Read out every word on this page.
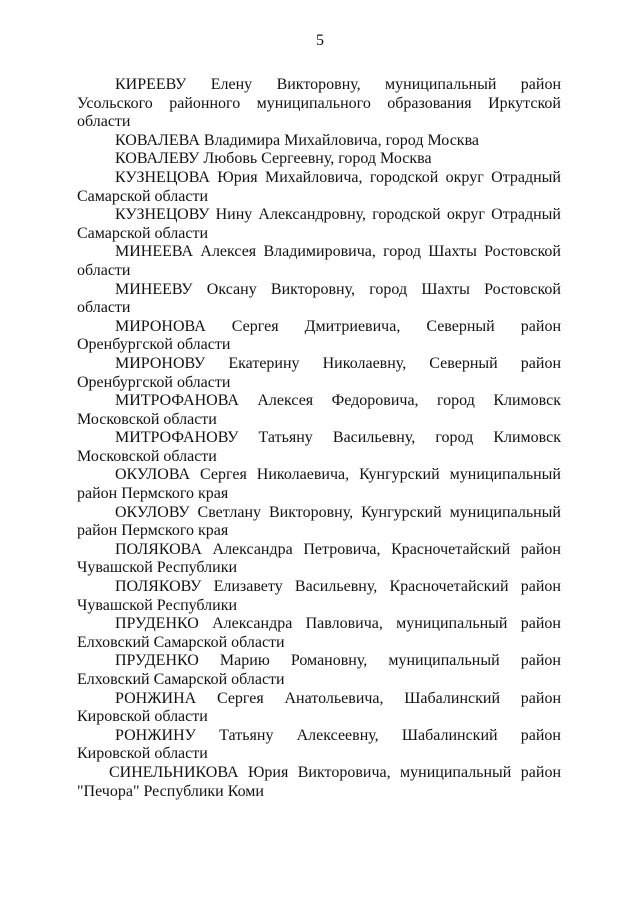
5
КИРЕЕВУ Елену Викторовну, муниципальный район
Усольского районного муниципального образования Иркутской
области
КОВАЛЕВА Владимира Михайловича, город Москва
КОВАЛЕВУ Любовь Сергеевну, город Москва
КУЗНЕЦОВА Юрия Михайловича, городской округ Отрадный
Самарской области
КУЗНЕЦОВУ Нину Александровну, городской округ Отрадный
Самарской области
МИНЕЕВА Алексея Владимировича, город Шахты Ростовской
области
МИНЕЕВУ Оксану Викторовну, город Шахты Ростовской
области
МИРОНОВА Сергея Дмитриевича, Северный район
Оренбургской области
МИРОНОВУ Екатерину Николаевну, Северный район
Оренбургской области
МИТРОФАНОВА Алексея Федоровича, город Климовск
Московской области
МИТРОФАНОВУ Татьяну Васильевну, город Климовск
Московской области
ОКУЛОВА Сергея Николаевича, Кунгурский муниципальный
район Пермского края
ОКУЛОВУ Светлану Викторовну, Кунгурский муниципальный
район Пермского края
ПОЛЯКОВА Александра Петровича, Красночетайский район
Чувашской Республики
ПОЛЯКОВУ Елизавету Васильевну, Красночетайский район
Чувашской Республики
ПРУДЕНКО Александра Павловича, муниципальный район
Елховский Самарской области
ПРУДЕНКО Марию Романовну, муниципальный район
Елховский Самарской области
РОНЖИНА Сергея Анатольевича, Шабалинский район
Кировской области
РОНЖИНУ Татьяну Алексеевну, Шабалинский район
Кировской области
СИНЕЛЬНИКОВА Юрия Викторовича, муниципальный район
"Печора" Республики Коми
